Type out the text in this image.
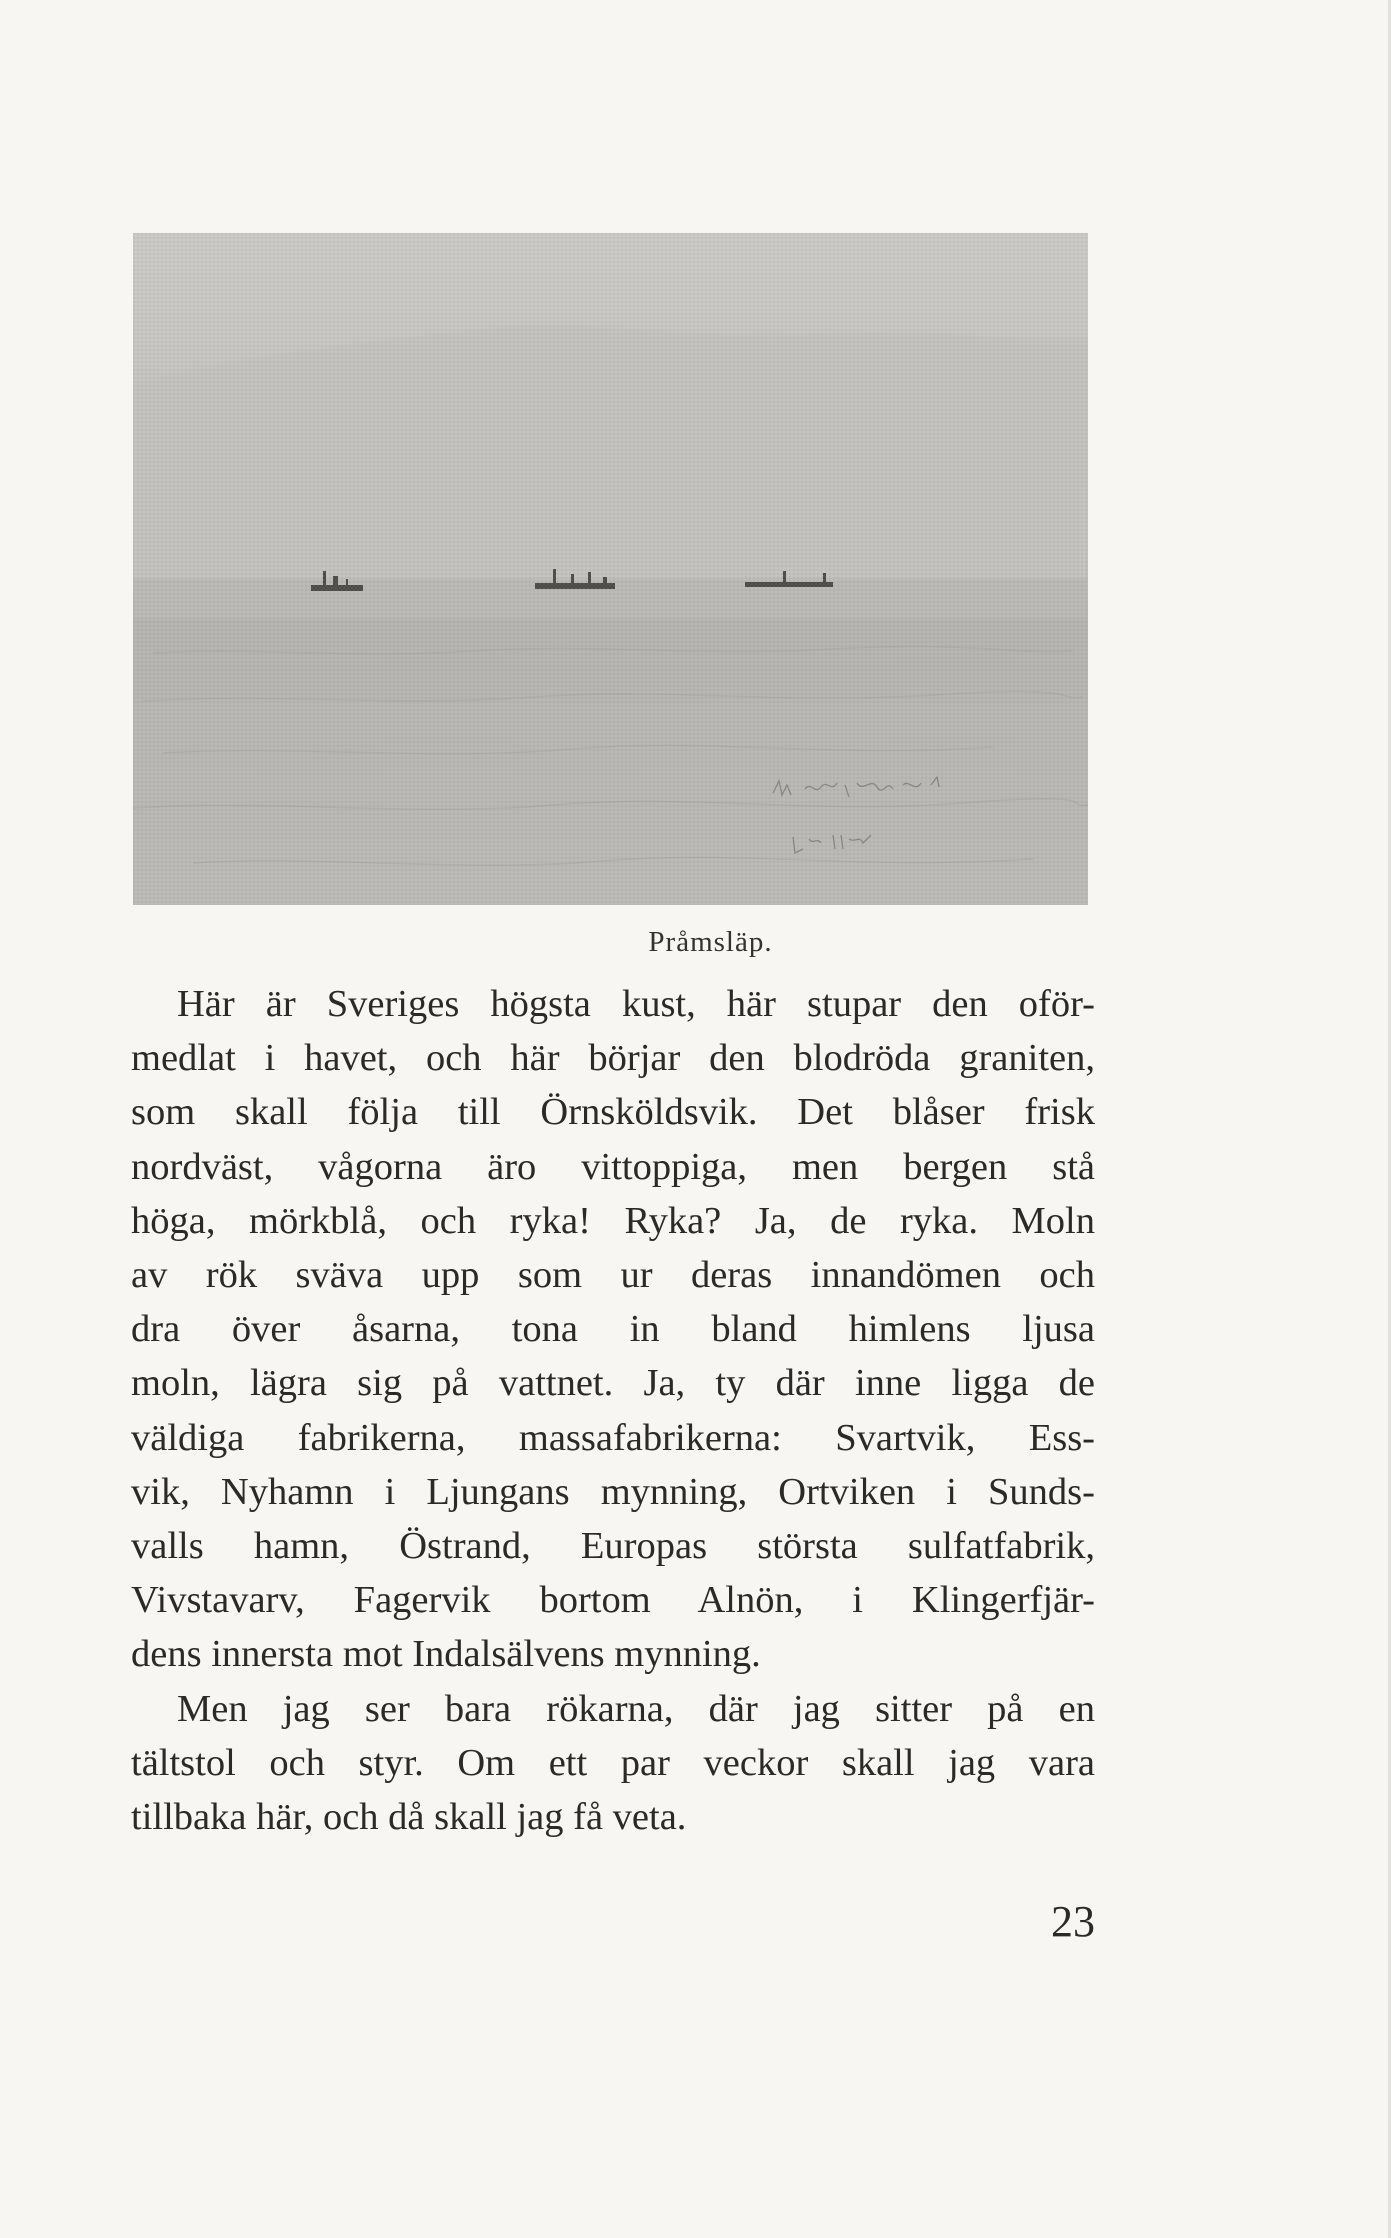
Pråmsläp.
Här är Sveriges högsta kust, här stupar den oför-
medlat i havet, och här börjar den blodröda graniten,
som skall följa till Örnsköldsvik. Det blåser frisk
nordväst, vågorna äro vittoppiga, men bergen stå
höga, mörkblå, och ryka! Ryka? Ja, de ryka. Moln
av rök sväva upp som ur deras innandömen och
dra över åsarna, tona in bland himlens ljusa
moln, lägra sig på vattnet. Ja, ty där inne ligga de
väldiga fabrikerna, massafabrikerna: Svartvik, Ess-
vik, Nyhamn i Ljungans mynning, Ortviken i Sunds-
valls hamn, Östrand, Europas största sulfatfabrik,
Vivstavarv, Fagervik bortom Alnön, i Klingerfjär-
dens innersta mot Indalsälvens mynning.
Men jag ser bara rökarna, där jag sitter på en
tältstol och styr. Om ett par veckor skall jag vara
tillbaka här, och då skall jag få veta.
23
